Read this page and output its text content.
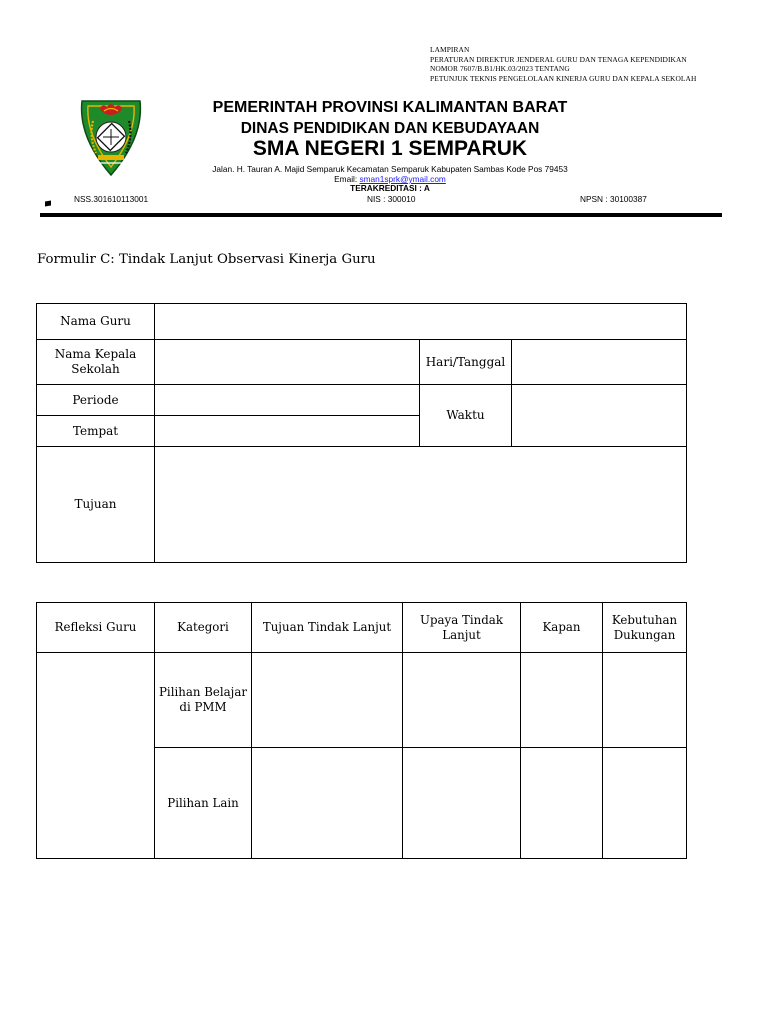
LAMPIRAN
PERATURAN DIREKTUR JENDERAL GURU DAN TENAGA KEPENDIDIKAN
NOMOR 7607/B.B1/HK.03/2023 TENTANG
PETUNJUK TEKNIS PENGELOLAAN KINERJA GURU DAN KEPALA SEKOLAH
PEMERINTAH PROVINSI KALIMANTAN BARAT
DINAS PENDIDIKAN DAN KEBUDAYAAN
SMA NEGERI 1 SEMPARUK
Jalan. H. Tauran A. Majid Semparuk Kecamatan Semparuk Kabupaten Sambas Kode Pos 79453
Email: sman1sprk@ymail.com
TERAKREDITASI : A
NSS.301610113001	NIS : 300010	NPSN : 30100387
Formulir C: Tindak Lanjut Observasi Kinerja Guru
Nama Guru			
Nama Kepala Sekolah		Hari/Tanggal	
Periode		Waktu	
Tempat			
Tujuan			
Refleksi Guru	Kategori	Tujuan Tindak Lanjut	Upaya Tindak Lanjut	Kapan	Kebutuhan Dukungan
	Pilihan Belajar di PMM				
	Pilihan Lain				
